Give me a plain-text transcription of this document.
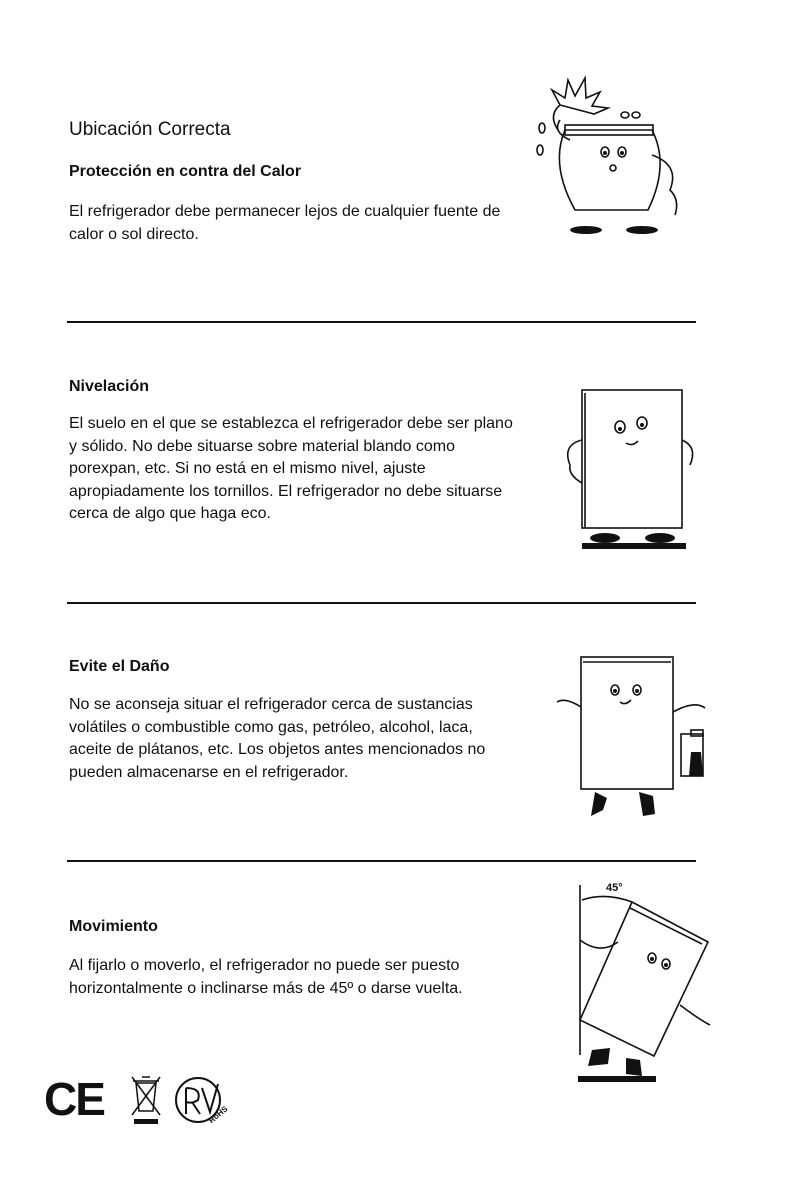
Ubicación Correcta
Protección en contra del Calor
El refrigerador debe permanecer lejos de cualquier fuente de
calor o sol directo.
Nivelación
El suelo en el que se establezca el refrigerador debe ser plano
y sólido. No debe situarse sobre material blando como
porexpan, etc. Si no está en el mismo nivel, ajuste
apropiadamente los tornillos. El refrigerador no debe situarse
cerca de algo que haga eco.
Evite el Daño
No se aconseja situar el refrigerador cerca de sustancias
volátiles o combustible como gas, petróleo, alcohol, laca,
aceite de plátanos, etc. Los objetos antes mencionados no
pueden almacenarse en el refrigerador.
Movimiento
Al fijarlo o moverlo, el refrigerador no puede ser puesto
horizontalmente o inclinarse más de 45º o darse vuelta.
45°
CE	RoHS
